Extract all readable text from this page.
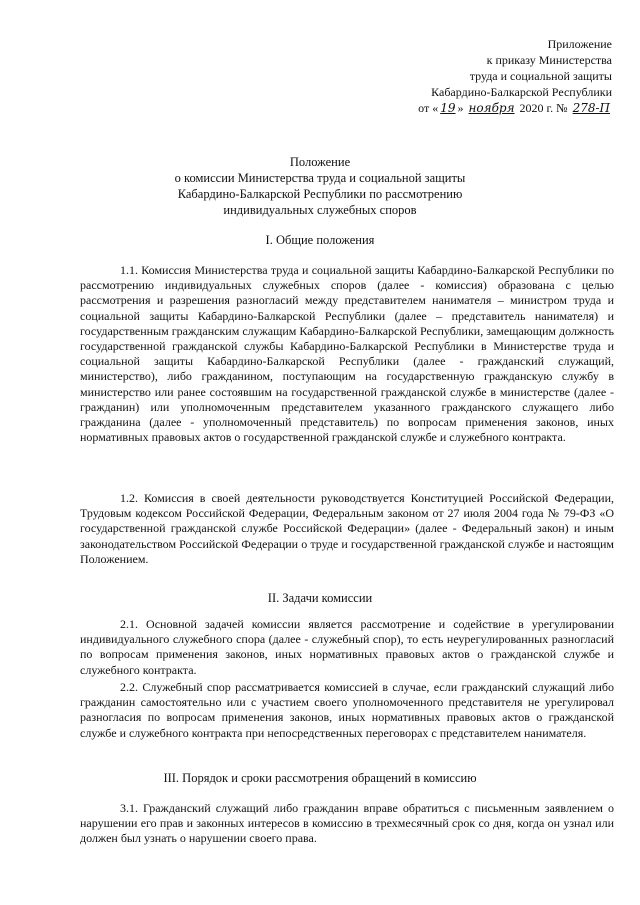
Приложение
к приказу Министерства
труда и социальной защиты
Кабардино-Балкарской Республики
от « 19 » ноября 2020 г. № 278-П
Положение
о комиссии Министерства труда и социальной защиты
Кабардино-Балкарской Республики по рассмотрению
индивидуальных служебных споров
I. Общие положения

1.1. Комиссия Министерства труда и социальной защиты Кабардино-Балкарской Республики по рассмотрению индивидуальных служебных споров (далее - комиссия) образована с целью рассмотрения и разрешения разногласий между представителем нанимателя – министром труда и социальной защиты Кабардино-Балкарской Республики (далее – представитель нанимателя) и государственным гражданским служащим Кабардино-Балкарской Республики, замещающим должность государственной гражданской службы Кабардино-Балкарской Республики в Министерстве труда и социальной защиты Кабардино-Балкарской Республики (далее - гражданский служащий, министерство), либо гражданином, поступающим на государственную гражданскую службу в министерство или ранее состоявшим на государственной гражданской службе в министерстве (далее - гражданин) или уполномоченным представителем указанного гражданского служащего либо гражданина (далее - уполномоченный представитель) по вопросам применения законов, иных нормативных правовых актов о государственной гражданской службе и служебного контракта.

1.2. Комиссия в своей деятельности руководствуется Конституцией Российской Федерации, Трудовым кодексом Российской Федерации, Федеральным законом от 27 июля 2004 года № 79-ФЗ «О государственной гражданской службе Российской Федерации» (далее - Федеральный закон) и иным законодательством Российской Федерации о труде и государственной гражданской службе и настоящим Положением.

II. Задачи комиссии

2.1. Основной задачей комиссии является рассмотрение и содействие в урегулировании индивидуального служебного спора (далее - служебный спор), то есть неурегулированных разногласий по вопросам применения законов, иных нормативных правовых актов о гражданской службе и служебного контракта.

2.2. Служебный спор рассматривается комиссией в случае, если гражданский служащий либо гражданин самостоятельно или с участием своего уполномоченного представителя не урегулировал разногласия по вопросам применения законов, иных нормативных правовых актов о гражданской службе и служебного контракта при непосредственных переговорах с представителем нанимателя.

III. Порядок и сроки рассмотрения обращений в комиссию

3.1. Гражданский служащий либо гражданин вправе обратиться с письменным заявлением о нарушении его прав и законных интересов в комиссию в трехмесячный срок со дня, когда он узнал или должен был узнать о нарушении своего права.
